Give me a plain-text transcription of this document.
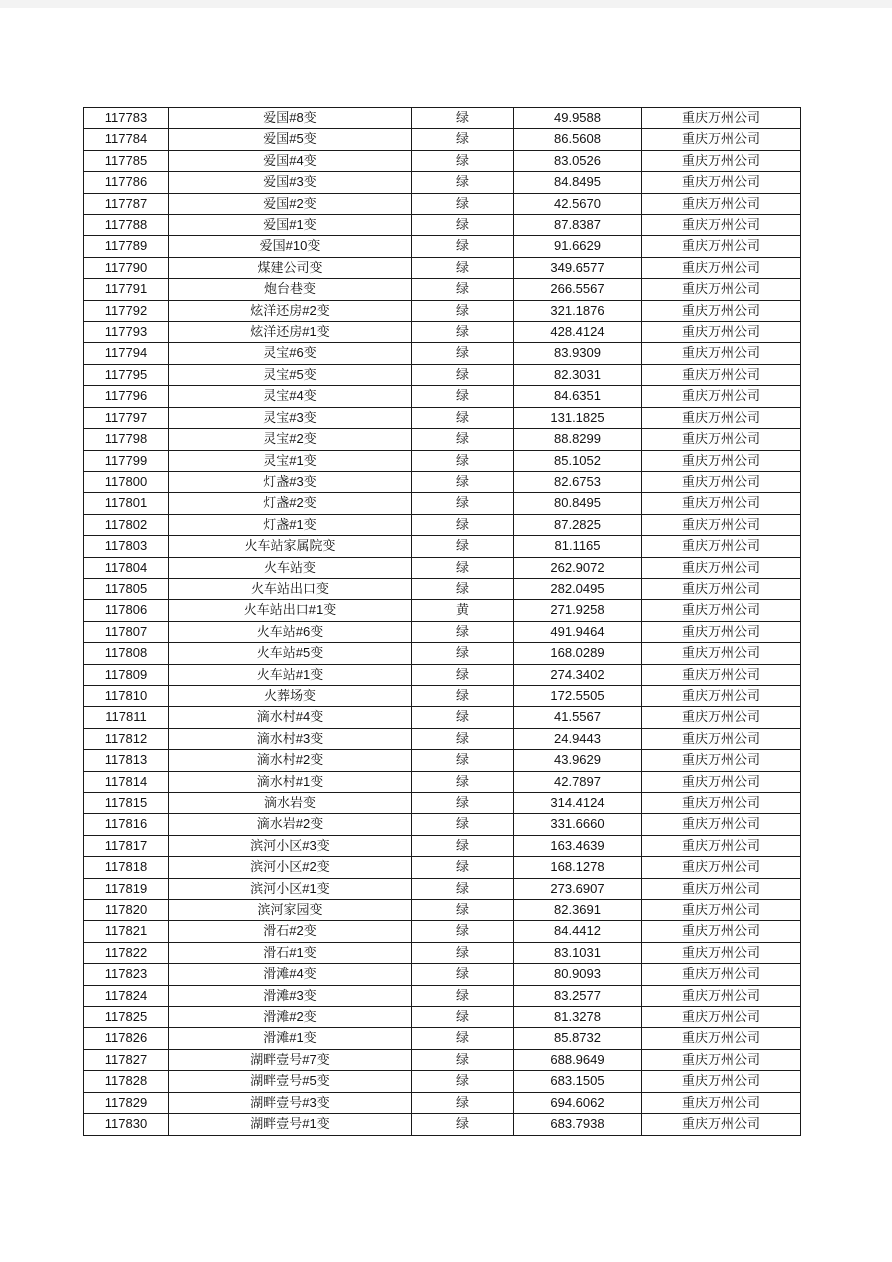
117783	爱国#8变	绿	49.9588	重庆万州公司
117784	爱国#5变	绿	86.5608	重庆万州公司
117785	爱国#4变	绿	83.0526	重庆万州公司
117786	爱国#3变	绿	84.8495	重庆万州公司
117787	爱国#2变	绿	42.5670	重庆万州公司
117788	爱国#1变	绿	87.8387	重庆万州公司
117789	爱国#10变	绿	91.6629	重庆万州公司
117790	煤建公司变	绿	349.6577	重庆万州公司
117791	炮台巷变	绿	266.5567	重庆万州公司
117792	炫洋还房#2变	绿	321.1876	重庆万州公司
117793	炫洋还房#1变	绿	428.4124	重庆万州公司
117794	灵宝#6变	绿	83.9309	重庆万州公司
117795	灵宝#5变	绿	82.3031	重庆万州公司
117796	灵宝#4变	绿	84.6351	重庆万州公司
117797	灵宝#3变	绿	131.1825	重庆万州公司
117798	灵宝#2变	绿	88.8299	重庆万州公司
117799	灵宝#1变	绿	85.1052	重庆万州公司
117800	灯盏#3变	绿	82.6753	重庆万州公司
117801	灯盏#2变	绿	80.8495	重庆万州公司
117802	灯盏#1变	绿	87.2825	重庆万州公司
117803	火车站家属院变	绿	81.1165	重庆万州公司
117804	火车站变	绿	262.9072	重庆万州公司
117805	火车站出口变	绿	282.0495	重庆万州公司
117806	火车站出口#1变	黄	271.9258	重庆万州公司
117807	火车站#6变	绿	491.9464	重庆万州公司
117808	火车站#5变	绿	168.0289	重庆万州公司
117809	火车站#1变	绿	274.3402	重庆万州公司
117810	火葬场变	绿	172.5505	重庆万州公司
117811	滴水村#4变	绿	41.5567	重庆万州公司
117812	滴水村#3变	绿	24.9443	重庆万州公司
117813	滴水村#2变	绿	43.9629	重庆万州公司
117814	滴水村#1变	绿	42.7897	重庆万州公司
117815	滴水岩变	绿	314.4124	重庆万州公司
117816	滴水岩#2变	绿	331.6660	重庆万州公司
117817	滨河小区#3变	绿	163.4639	重庆万州公司
117818	滨河小区#2变	绿	168.1278	重庆万州公司
117819	滨河小区#1变	绿	273.6907	重庆万州公司
117820	滨河家园变	绿	82.3691	重庆万州公司
117821	滑石#2变	绿	84.4412	重庆万州公司
117822	滑石#1变	绿	83.1031	重庆万州公司
117823	滑滩#4变	绿	80.9093	重庆万州公司
117824	滑滩#3变	绿	83.2577	重庆万州公司
117825	滑滩#2变	绿	81.3278	重庆万州公司
117826	滑滩#1变	绿	85.8732	重庆万州公司
117827	湖畔壹号#7变	绿	688.9649	重庆万州公司
117828	湖畔壹号#5变	绿	683.1505	重庆万州公司
117829	湖畔壹号#3变	绿	694.6062	重庆万州公司
117830	湖畔壹号#1变	绿	683.7938	重庆万州公司
